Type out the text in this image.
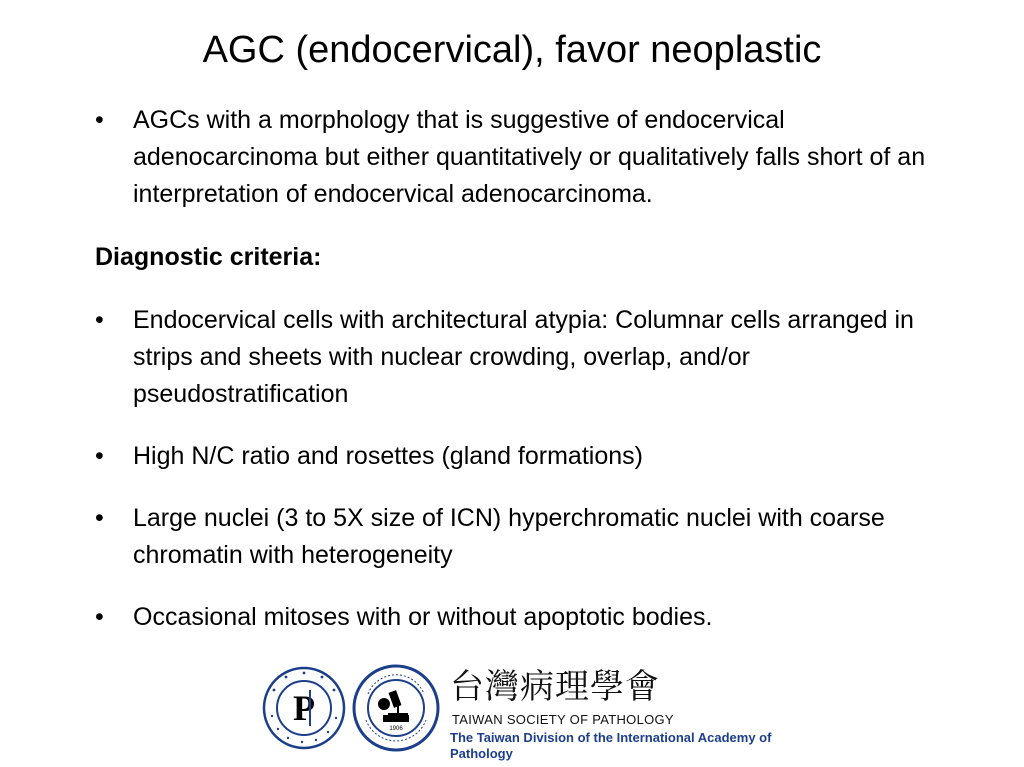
AGC (endocervical), favor neoplastic
•	AGCs with a morphology that is suggestive of endocervical adenocarcinoma but either quantitatively or qualitatively falls short of an interpretation of endocervical adenocarcinoma.
Diagnostic criteria:
•	Endocervical cells with architectural atypia: Columnar cells arranged in strips and sheets with nuclear crowding, overlap, and/or pseudostratification
•	High N/C ratio and rosettes (gland formations)
•	Large nuclei (3 to 5X size of ICN) hyperchromatic nuclei with coarse chromatin with heterogeneity
•	Occasional mitoses with or without apoptotic bodies.
P
1906
台灣病理學會
TAIWAN SOCIETY OF PATHOLOGY
The Taiwan Division of the International Academy of Pathology
